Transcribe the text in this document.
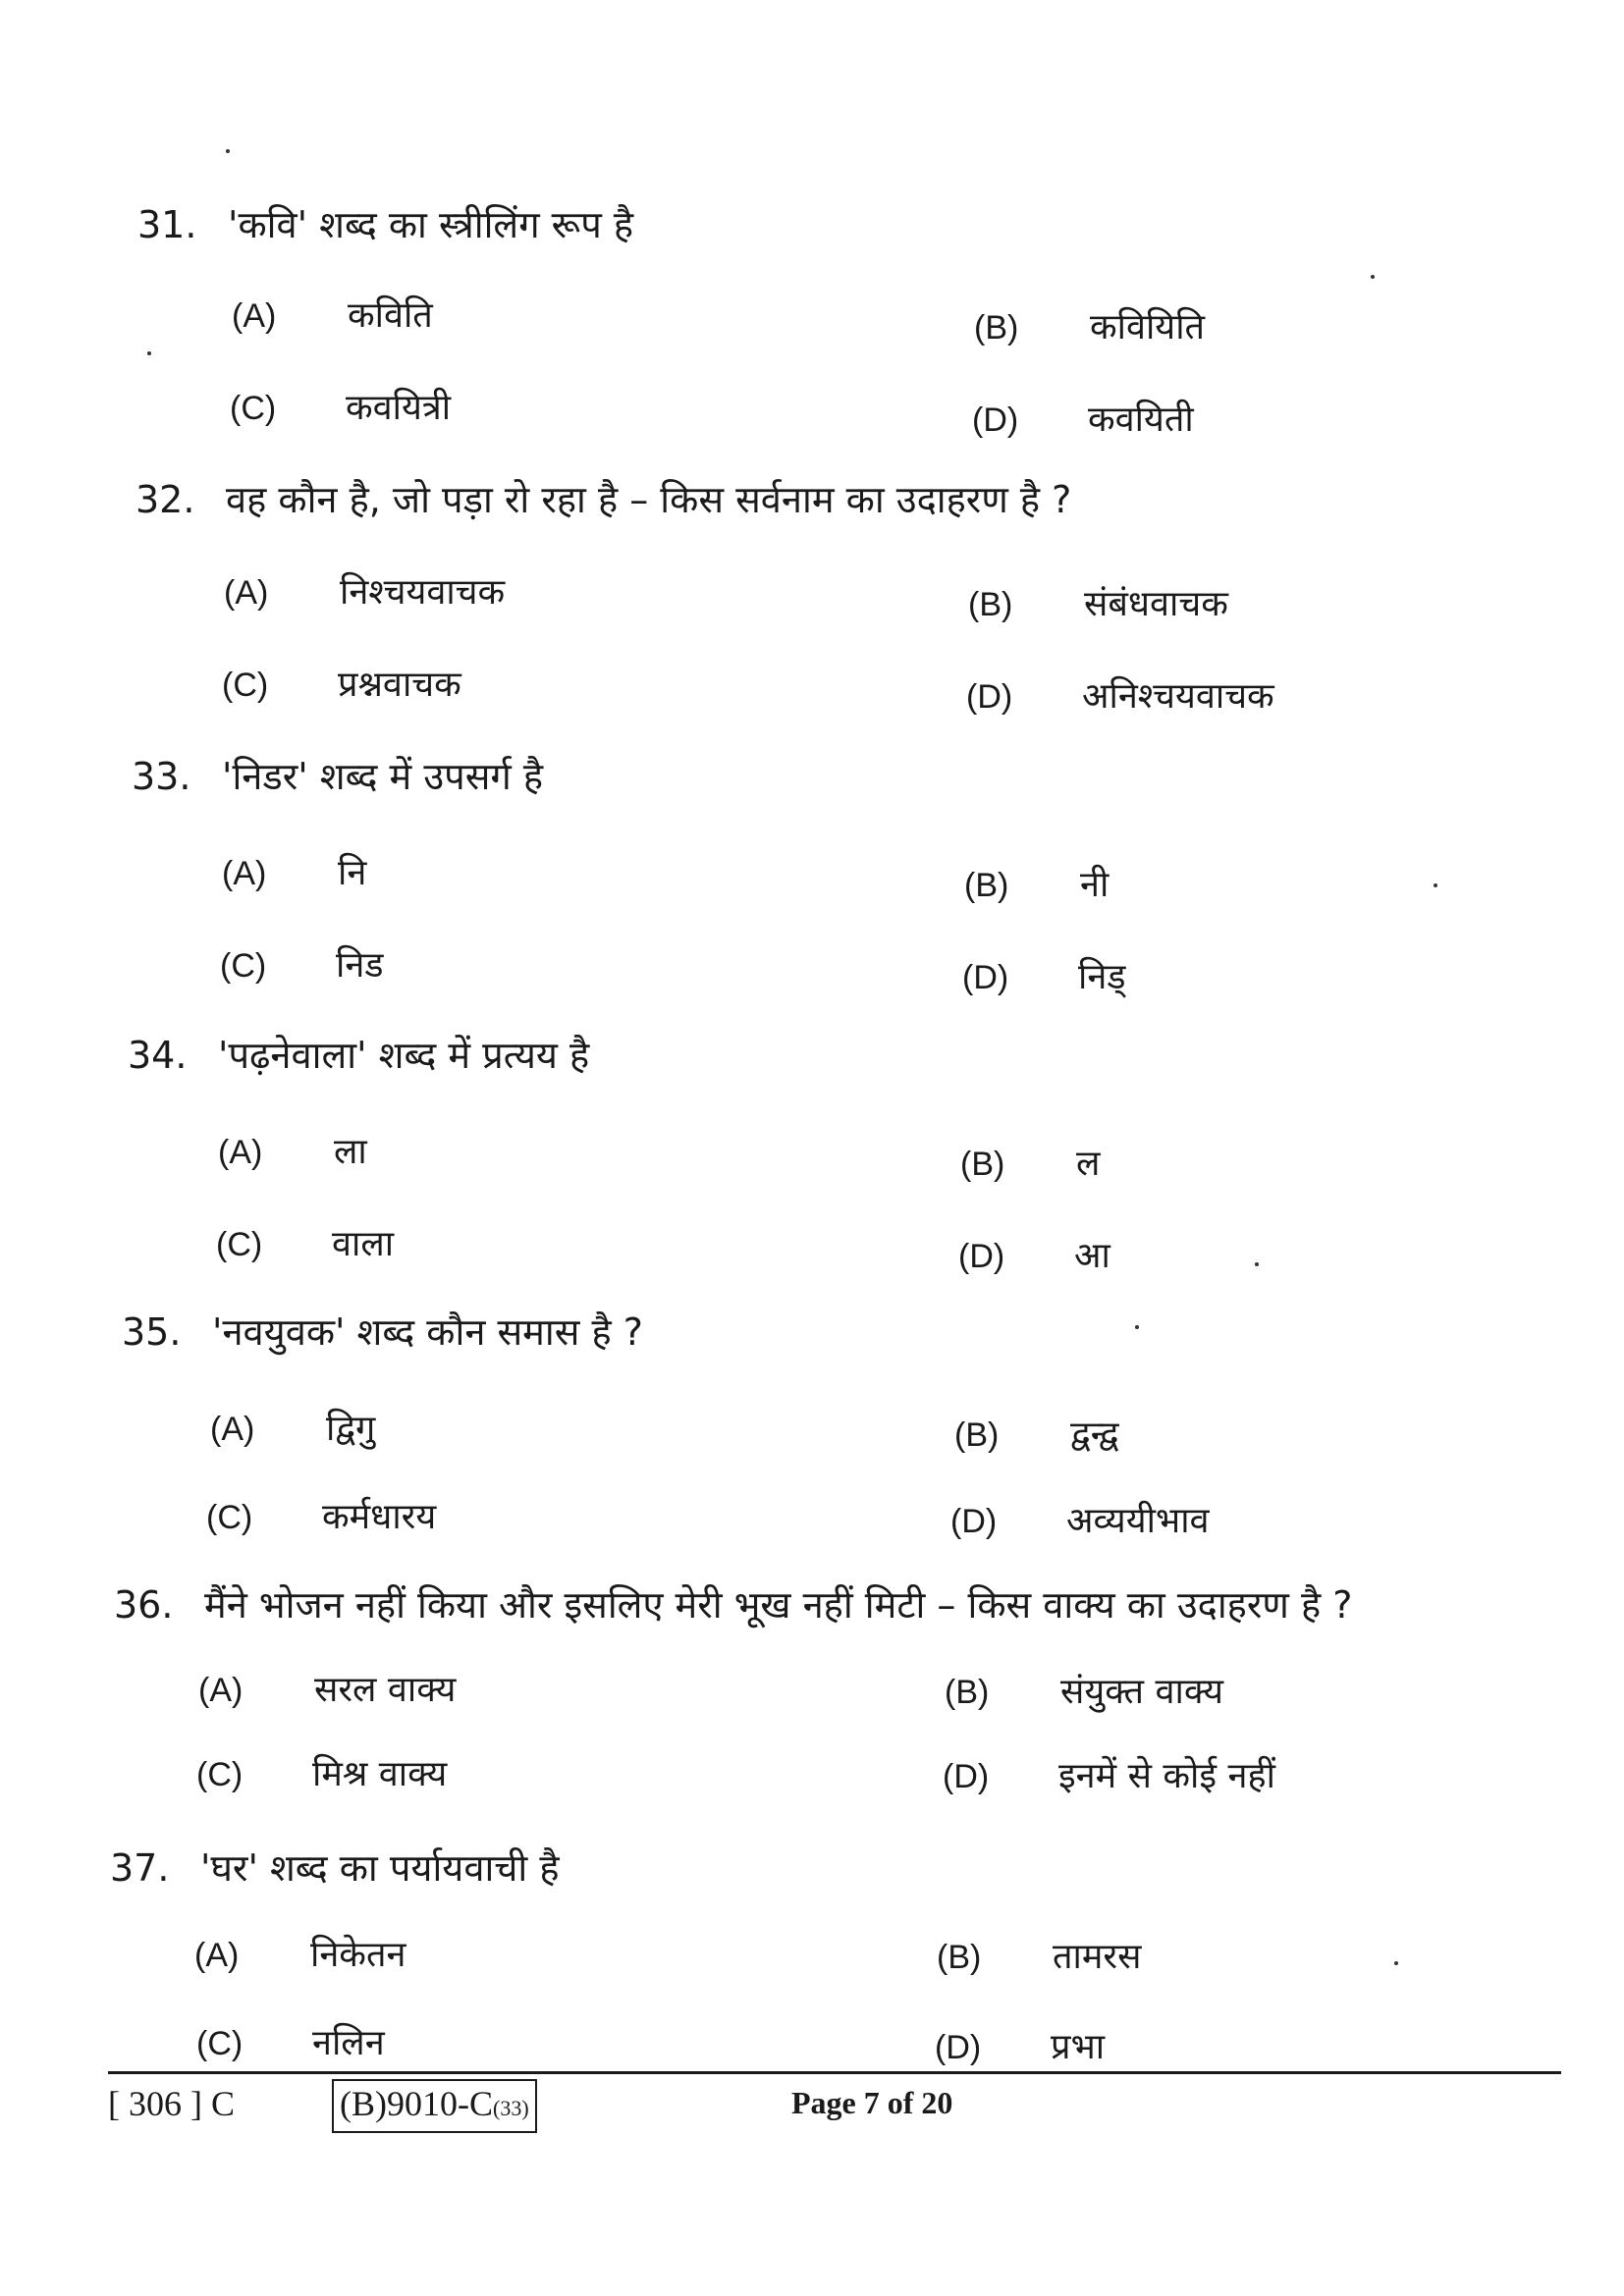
31. 'कवि' शब्द का स्त्रीलिंग रूप है
(A) कविति	(B) कवियिति
(C) कवयित्री	(D) कवयिती
32. वह कौन है, जो पड़ा रो रहा है – किस सर्वनाम का उदाहरण है ?
(A) निश्चयवाचक	(B) संबंधवाचक
(C) प्रश्नवाचक	(D) अनिश्चयवाचक
33. 'निडर' शब्द में उपसर्ग है
(A) नि	(B) नी
(C) निड	(D) निड्
34. 'पढ़नेवाला' शब्द में प्रत्यय है
(A) ला	(B) ल
(C) वाला	(D) आ
35. 'नवयुवक' शब्द कौन समास है ?
(A) द्विगु	(B) द्वन्द्व
(C) कर्मधारय	(D) अव्ययीभाव
36. मैंने भोजन नहीं किया और इसलिए मेरी भूख नहीं मिटी – किस वाक्य का उदाहरण है ?
(A) सरल वाक्य	(B) संयुक्त वाक्य
(C) मिश्र वाक्य	(D) इनमें से कोई नहीं
37. 'घर' शब्द का पर्यायवाची है
(A) निकेतन	(B) तामरस
(C) नलिन	(D) प्रभा
[ 306 ] C	(B)9010-C(33)	Page 7 of 20
